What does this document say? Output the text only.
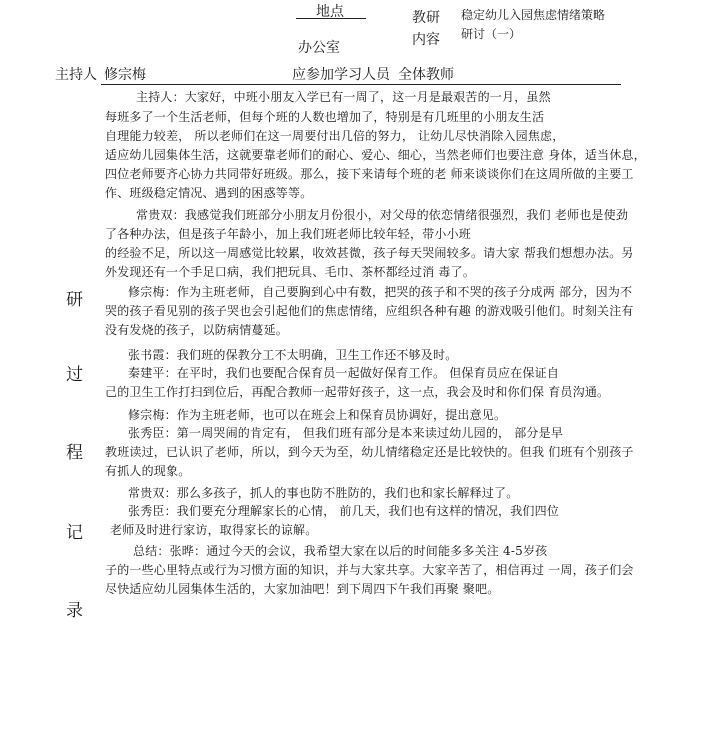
地点
办公室
教研
内容
稳定幼儿入园焦虑情绪策略
研讨（一）
主持人 修宗梅	应参加学习人员 全体教师
研
过
程
记
录
主持人：大家好，中班小朋友入学已有一周了，这一月是最艰苦的一月，虽然
每班多了一个生活老师，但每个班的人数也增加了，特别是有几班里的小朋友生活
自理能力较差， 所以老师们在这一周要付出几倍的努力， 让幼儿尽快消除入园焦虑，
适应幼儿园集体生活，这就要靠老师们的耐心、爱心、细心，当然老师们也要注意 身体，适当休息，
四位老师要齐心协力共同带好班级。那么，接下来请每个班的老 师来谈谈你们在这周所做的主要工
作、班级稳定情况、遇到的困惑等等。
常贵双：我感觉我们班部分小朋友月份很小，对父母的依恋情绪很强烈，我们 老师也是使劲
了各种办法，但是孩子年龄小，加上我们班老师比较年轻，带小小班
的经验不足，所以这一周感觉比较累，收效甚微，孩子每天哭闹较多。请大家 帮我们想想办法。另
外发现还有一个手足口病，我们把玩具、毛巾、茶杯都经过消 毒了。
修宗梅：作为主班老师，自己要胸到心中有数，把哭的孩子和不哭的孩子分成两 部分，因为不
哭的孩子看见别的孩子哭也会引起他们的焦虑情绪，应组织各种有趣 的游戏吸引他们。时刻关注有
没有发烧的孩子，以防病情蔓延。
张书霞：我们班的保教分工不太明确，卫生工作还不够及时。
秦建平：在平时，我们也要配合保育员一起做好保育工作。 但保育员应在保证自
己的卫生工作打扫到位后，再配合教师一起带好孩子，这一点，我会及时和你们保 育员沟通。
修宗梅：作为主班老师，也可以在班会上和保育员协调好，提出意见。
张秀臣：第一周哭闹的肯定有， 但我们班有部分是本来读过幼儿园的， 部分是早
教班读过，已认识了老师，所以，到今天为至，幼儿情绪稳定还是比较快的。但我 们班有个别孩子
有抓人的现象。
常贵双：那么多孩子，抓人的事也防不胜防的，我们也和家长解释过了。
张秀臣：我们要充分理解家长的心情， 前几天，我们也有这样的情况，我们四位
老师及时进行家访，取得家长的谅解。
总结：张晔：通过今天的会议，我希望大家在以后的时间能多多关注 4-5岁孩
子的一些心里特点或行为习惯方面的知识，并与大家共享。大家辛苦了，相信再过 一周，孩子们会
尽快适应幼儿园集体生活的，大家加油吧！到下周四下午我们再聚 聚吧。
